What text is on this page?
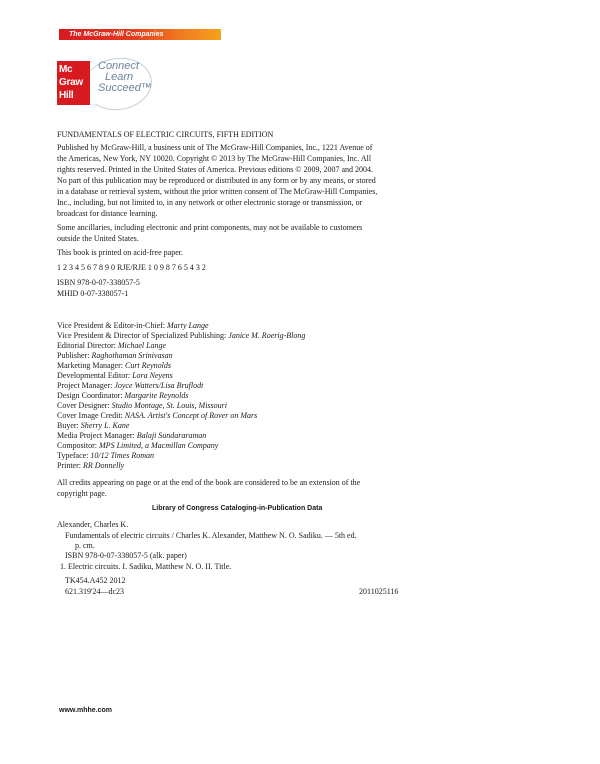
The McGraw-Hill Companies
Mc
Graw
Hill
Connect
Learn
Succeed™
FUNDAMENTALS OF ELECTRIC CIRCUITS, FIFTH EDITION
Published by McGraw-Hill, a business unit of The McGraw-Hill Companies, Inc., 1221 Avenue of
the Americas, New York, NY 10020. Copyright © 2013 by The McGraw-Hill Companies, Inc. All
rights reserved. Printed in the United States of America. Previous editions © 2009, 2007 and 2004.
No part of this publication may be reproduced or distributed in any form or by any means, or stored
in a database or retrieval system, without the prior written consent of The McGraw-Hill Companies,
Inc., including, but not limited to, in any network or other electronic storage or transmission, or
broadcast for distance learning.
Some ancillaries, including electronic and print components, may not be available to customers
outside the United States.
This book is printed on acid-free paper.
1 2 3 4 5 6 7 8 9 0 RJE/RJE 1 0 9 8 7 6 5 4 3 2
ISBN 978-0-07-338057-5
MHID 0-07-338057-1
Vice President & Editor-in-Chief: Marty Lange
Vice President & Director of Specialized Publishing: Janice M. Roerig-Blong
Editorial Director: Michael Lange
Publisher: Raghothaman Srinivasan
Marketing Manager: Curt Reynolds
Developmental Editor: Lora Neyens
Project Manager: Joyce Watters/Lisa Bruflodt
Design Coordinator: Margarite Reynolds
Cover Designer: Studio Montage, St. Louis, Missouri
Cover Image Credit: NASA. Artist's Concept of Rover on Mars
Buyer: Sherry L. Kane
Media Project Manager: Balaji Sundararaman
Compositor: MPS Limited, a Macmillan Company
Typeface: 10/12 Times Roman
Printer: RR Donnelly
All credits appearing on page or at the end of the book are considered to be an extension of the
copyright page.
Library of Congress Cataloging-in-Publication Data
Alexander, Charles K.
Fundamentals of electric circuits / Charles K. Alexander, Matthew N. O. Sadiku. — 5th ed.
p. cm.
ISBN 978-0-07-338057-5 (alk. paper)
1. Electric circuits. I. Sadiku, Matthew N. O. II. Title.
TK454.A452 2012
621.319'24—dc23	2011025116
www.mhhe.com
